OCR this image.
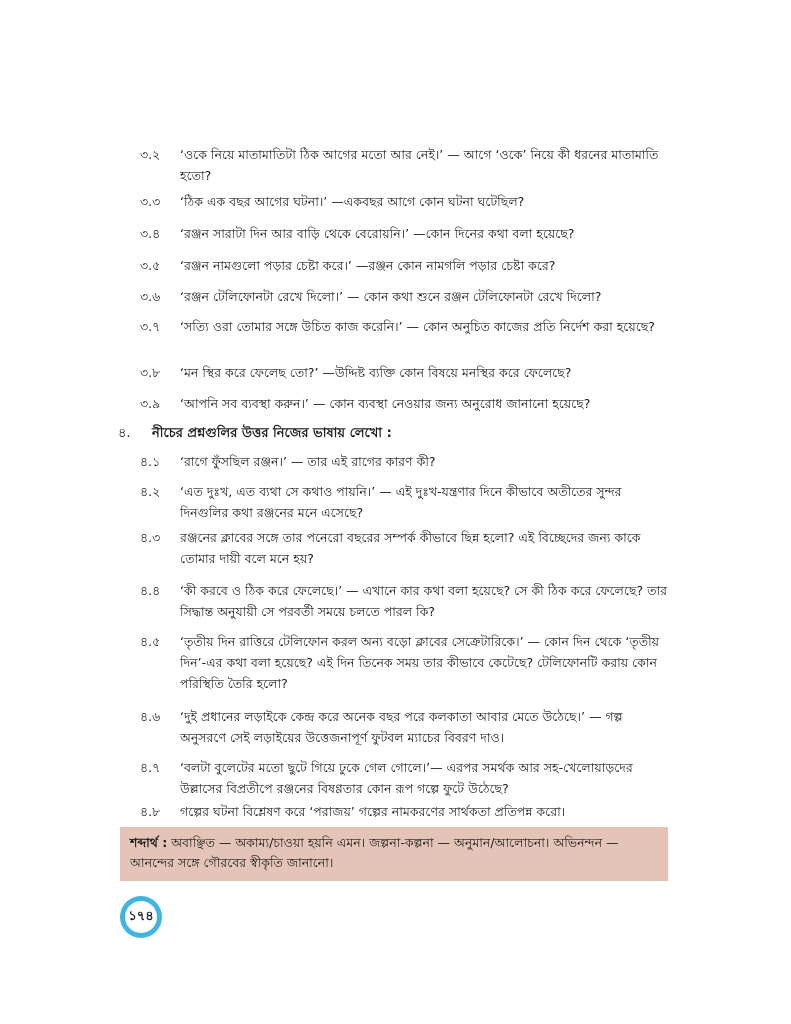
৩.২	‘ওকে নিয়ে মাতামাতিটা ঠিক আগের মতো আর নেই।’ — আগে ‘ওকে’ নিয়ে কী ধরনের মাতামাতি হতো?
৩.৩	‘ঠিক এক বছর আগের ঘটনা।’ —একবছর আগে কোন ঘটনা ঘটেছিল?
৩.৪	‘রঞ্জন সারাটা দিন আর বাড়ি থেকে বেরোয়নি।’ —কোন দিনের কথা বলা হয়েছে?
৩.৫	‘রঞ্জন নামগুলো পড়ার চেষ্টা করে।’ —রঞ্জন কোন নামগলি পড়ার চেষ্টা করে?
৩.৬	‘রঞ্জন টেলিফোনটা রেখে দিলো।’ — কোন কথা শুনে রঞ্জন টেলিফোনটা রেখে দিলো?
৩.৭	‘সত্যি ওরা তোমার সঙ্গে উচিত কাজ করেনি।’ — কোন অনুচিত কাজের প্রতি নির্দেশ করা হয়েছে?
৩.৮	‘মন স্থির করে ফেলেছ তো?’ —উদ্দিষ্ট ব্যক্তি কোন বিষয়ে মনস্থির করে ফেলেছে?
৩.৯	‘আপনি সব ব্যবস্থা করুন।’ — কোন ব্যবস্থা নেওয়ার জন্য অনুরোধ জানানো হয়েছে?
৪. নীচের প্রশ্নগুলির উত্তর নিজের ভাষায় লেখো :
৪.১	‘রাগে ফুঁসছিল রঞ্জন।’ — তার এই রাগের কারণ কী?
৪.২	‘এত দুঃখ, এত ব্যথা সে কথাও পায়নি।’ — এই দুঃখ-যন্ত্রণার দিনে কীভাবে অতীতের সুন্দর দিনগুলির কথা রঞ্জনের মনে এসেছে?
৪.৩	রঞ্জনের ক্লাবের সঙ্গে তার পনেরো বছরের সম্পর্ক কীভাবে ছিন্ন হলো? এই বিচ্ছেদের জন্য কাকে তোমার দায়ী বলে মনে হয়?
৪.৪	‘কী করবে ও ঠিক করে ফেলেছে।’ — এখানে কার কথা বলা হয়েছে? সে কী ঠিক করে ফেলেছে? তার সিদ্ধান্ত অনুযায়ী সে পরবর্তী সময়ে চলতে পারল কি?
৪.৫	‘তৃতীয় দিন রাত্তিরে টেলিফোন করল অন্য বড়ো ক্লাবের সেক্রেটারিকে।’ — কোন দিন থেকে ‘তৃতীয় দিন’-এর কথা বলা হয়েছে? এই দিন তিনেক সময় তার কীভাবে কেটেছে? টেলিফোনটি করায় কোন পরিস্থিতি তৈরি হলো?
৪.৬	‘দুই প্রধানের লড়াইকে কেন্দ্র করে অনেক বছর পরে কলকাতা আবার মেতে উঠেছে।’ — গল্প অনুসরণে সেই লড়াইয়ের উত্তেজনাপূর্ণ ফুটবল ম্যাচের বিবরণ দাও।
৪.৭	‘বলটা বুলেটের মতো ছুটে গিয়ে ঢুকে গেল গোলে।’— এরপর সমর্থক আর সহ-খেলোয়াড়দের উল্লাসের বিপ্রতীপে রঞ্জনের বিষণ্ণতার কোন রূপ গল্পে ফুটে উঠেছে?
৪.৮	গল্পের ঘটনা বিশ্লেষণ করে ‘পরাজয়’ গল্পের নামকরণের সার্থকতা প্রতিপন্ন করো।
শব্দার্থ : অবাঞ্ছিত — অকাম্য/চাওয়া হয়নি এমন। জল্পনা-কল্পনা — অনুমান/আলোচনা। অভিনন্দন — আনন্দের সঙ্গে গৌরবের স্বীকৃতি জানানো।
১৭৪
